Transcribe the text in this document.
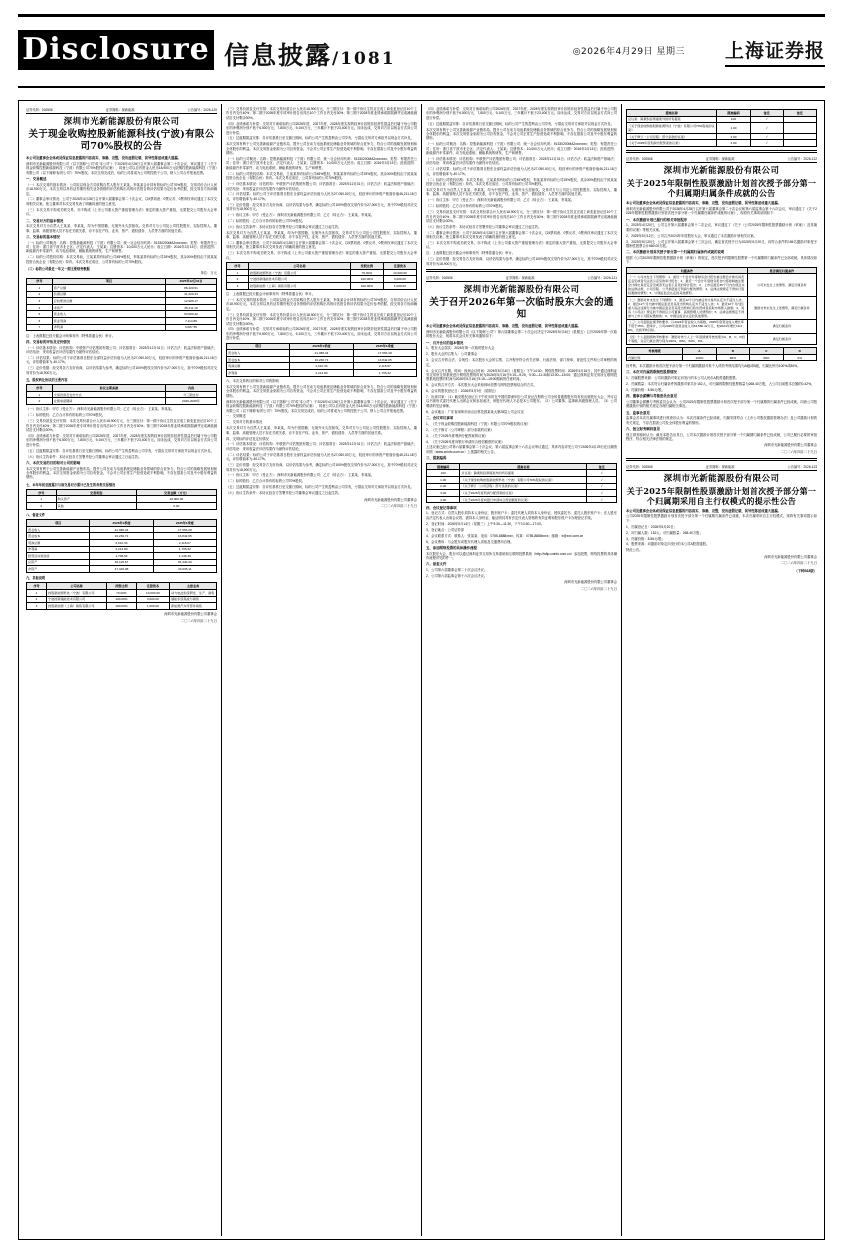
Disclosure 信息披露/1081	◎2026年4月29日 星期三 上海证券报
证券代码：002506	证券简称：深新能源	公告编号：2026-120
深圳市光新能源股份有限公司
关于现金收购控股新能源科技(宁波)有限公司70%股权的公告
本公司及董事会全体成员保证信息披露的内容真实、准确、完整，没有虚假记载、误导性陈述或重大遗漏。
深圳市光新能源股份有限公司（以下简称“公司”或“本公司”）于2026年4月28日召开第六届董事会第二十次会议，审议通过了《关于现金收购控股新能源科技（宁波）有限公司70%股权的议案》，同意公司以自有资金人民币18,900万元收购控股新能源科技（宁波）有限公司（以下简称“标的公司”）70%股权。本次交易完成后，标的公司将成为公司的控股子公司，纳入公司合并报表范围。
一、交易概述
（一）本次交易的基本情况：公司拟以现金方式收购自然人股东王某某、李某某合计持有的标的公司70%股权，交易对价合计人民币18,900万元。本次交易以具有证券期货相关业务资格的评估机构出具的评估报告的评估结果为定价参考依据，经交易各方协商确定。
（二）董事会审议情况：公司于2026年4月28日召开第六届董事会第二十次会议，以9票同意、0票反对、0票弃权审议通过了本次交易相关议案。独立董事对本次交易发表了明确同意的独立意见。
（三）本次交易不构成关联交易，亦不构成《上市公司重大资产重组管理办法》规定的重大资产重组，无需提交公司股东大会审议。
二、交易对方的基本情况
本次交易对方为自然人王某某、李某某，均为中国国籍，无境外永久居留权。交易对方与公司及公司控股股东、实际控制人、董事、监事、高级管理人员不存在关联关系，亦不存在产权、业务、资产、债权债务、人员等方面的其他关系。
三、交易标的基本情况
（一）标的公司概况：名称：控股新能源科技（宁波）有限公司；统一社会信用代码：91330200MA2xxxxxxx；类型：有限责任公司；住所：浙江省宁波市北仑区；法定代表人：王某某；注册资本：10,000万元人民币；成立日期：2016年3月15日；经营范围：新能源汽车零部件、动力电池系统、储能系统的研发、生产和销售。
（二）标的公司股权结构：本次交易前，王某某持有标的公司45%股权，李某某持有标的公司25%股权，其余30%股权由宁波某某投资合伙企业（有限合伙）持有。本次交易完成后，公司持有标的公司70%股权。
（三）标的公司最近一年又一期主要财务数据
单位：万元
序号	项目	2025年12月31日
1	资产总额	86,420.51
2	负债总额	41,209.33
3	应收账款总额	12,980.17
4	净资产	45,211.18
5	营业收入	63,580.42
6	营业利润	7,114.86
7	净利润	6,087.55
注：上表数据已经天健会计师事务所（特殊普通合伙）审计。
四、交易标的评估及定价情况
（一）评估基本情况：评估机构：中联资产评估集团有限公司；评估基准日：2025年12月31日；评估方法：收益法和资产基础法；评估结论：采用收益法评估结果作为最终评估结论。
（二）评估结果：标的公司于评估基准日股东全部权益评估价值为人民币27,050.00万元，较经审计的净资产账面价值45,211.18万元，评估增值率为-40.17%。
（三）定价依据：经交易各方友好协商，以评估结果为参考，确定标的公司100%股权交易作价为27,000万元，其中70%股权对应交易对价为18,900万元。
五、股权转让协议的主要内容
序号	协议主要条款	内容
1	交易价款及支付方式	分三期支付
2	业绩承诺期间	2026-2028年
（一）协议主体：甲方（受让方）：深圳市光新能源股份有限公司；乙方（转让方）：王某某、李某某。
（二）标的股权：乙方合计持有的标的公司70%股权。
（三）交易价款及支付安排：本次交易价款合计人民币18,900万元，分三期支付：第一期于协议生效且完成工商变更登记后10个工作日内支付40%；第二期于2026年度专项审计报告出具后10个工作日内支付30%；第三期于2028年度业绩承诺期届满并完成减值测试后支付剩余30%。
（四）业绩承诺与补偿：交易对方承诺标的公司2026年度、2027年度、2028年度实现的经审计扣除非经常性损益后归属于母公司股东的净利润分别不低于6,500万元、7,800万元、9,100万元，三年累计不低于23,400万元。如未达成，交易对方应以现金方式向公司进行补偿。
（五）过渡期损益安排：自评估基准日至交割日期间，标的公司产生的盈利由公司享有，亏损由交易对方承担并以现金方式补足。
（六）协议生效条件：本协议经各方签署并经公司董事会审议通过之日起生效。
六、本次交易的目的和对公司的影响
本次交易有利于公司完善新能源产业链布局，提升公司在动力电池系统及储能业务领域的综合竞争力，符合公司的战略发展规划和全体股东的利益。本次交易资金来源为公司自有资金，不会对公司正常生产经营造成不利影响，不存在损害公司及中小股东利益的情形。
七、本年年初至披露日与该交易对方累计已发生的各类交易情况
序号	交易类别	交易金额（万元）
1	购买资产	18,900.00
2	其他	0.00
八、备查文件
项目	2026年1季度	2025年1季度
营业收入	21,086.44	17,553.28
营业成本	16,230.71	13,842.05
利润总额	2,610.33	2,118.67
净利润	2,214.80	1,795.42
经营活动现金流	1,708.52	1,146.39
总资产	92,115.67	81,440.20
净资产	47,426.98	43,005.11
九、其他说明
序号	公司名称	持股比例	注册资本	主营业务
1	控股新能源科技（宁波）有限公司	70.00%	10,000.00	动力电池系统研发、生产、销售
2	宁波控新储能技术有限公司	100.00%	3,000.00	储能系统集成与销售
3	控股新能源（上海）销售有限公司	100.00%	1,000.00	新能源汽车零部件销售
深圳市光新能源股份有限公司董事会
二〇二六年四月二十九日
（三）交易价款及支付安排：本次交易价款合计人民币18,900万元，分三期支付：第一期于协议生效且完成工商变更登记后10个工作日内支付40%；第二期于2026年度专项审计报告出具后10个工作日内支付30%；第三期于2028年度业绩承诺期届满并完成减值测试后支付剩余30%。
（四）业绩承诺与补偿：交易对方承诺标的公司2026年度、2027年度、2028年度实现的经审计扣除非经常性损益后归属于母公司股东的净利润分别不低于6,500万元、7,800万元、9,100万元，三年累计不低于23,400万元。如未达成，交易对方应以现金方式向公司进行补偿。
（五）过渡期损益安排：自评估基准日至交割日期间，标的公司产生的盈利由公司享有，亏损由交易对方承担并以现金方式补足。
本次交易有利于公司完善新能源产业链布局，提升公司在动力电池系统及储能业务领域的综合竞争力，符合公司的战略发展规划和全体股东的利益。本次交易资金来源为公司自有资金，不会对公司正常生产经营造成不利影响，不存在损害公司及中小股东利益的情形。
（一）标的公司概况：名称：控股新能源科技（宁波）有限公司；统一社会信用代码：91330200MA2xxxxxxx；类型：有限责任公司；住所：浙江省宁波市北仑区；法定代表人：王某某；注册资本：10,000万元人民币；成立日期：2016年3月15日；经营范围：新能源汽车零部件、动力电池系统、储能系统的研发、生产和销售。
（二）标的公司股权结构：本次交易前，王某某持有标的公司45%股权，李某某持有标的公司25%股权，其余30%股权由宁波某某投资合伙企业（有限合伙）持有。本次交易完成后，公司持有标的公司70%股权。
（一）评估基本情况：评估机构：中联资产评估集团有限公司；评估基准日：2025年12月31日；评估方法：收益法和资产基础法；评估结论：采用收益法评估结果作为最终评估结论。
（二）评估结果：标的公司于评估基准日股东全部权益评估价值为人民币27,050.00万元，较经审计的净资产账面价值45,211.18万元，评估增值率为-40.17%。
（三）定价依据：经交易各方友好协商，以评估结果为参考，确定标的公司100%股权交易作价为27,000万元，其中70%股权对应交易对价为18,900万元。
（一）协议主体：甲方（受让方）：深圳市光新能源股份有限公司；乙方（转让方）：王某某、李某某。
（二）标的股权：乙方合计持有的标的公司70%股权。
（六）协议生效条件：本协议经各方签署并经公司董事会审议通过之日起生效。
本次交易对方为自然人王某某、李某某，均为中国国籍，无境外永久居留权。交易对方与公司及公司控股股东、实际控制人、董事、监事、高级管理人员不存在关联关系，亦不存在产权、业务、资产、债权债务、人员等方面的其他关系。
（二）董事会审议情况：公司于2026年4月28日召开第六届董事会第二十次会议，以9票同意、0票反对、0票弃权审议通过了本次交易相关议案。独立董事对本次交易发表了明确同意的独立意见。
（三）本次交易不构成关联交易，亦不构成《上市公司重大资产重组管理办法》规定的重大资产重组，无需提交公司股东大会审议。
序号	公司名称	持股比例	注册资本
1	控股新能源科技（宁波）有限公司	70.00%	10,000.00
2	宁波控新储能技术有限公司	100.00%	3,000.00
3	控股新能源（上海）销售有限公司	100.00%	1,000.00
注：上表数据已经天健会计师事务所（特殊普通合伙）审计。
（一）本次交易的基本情况：公司拟以现金方式收购自然人股东王某某、李某某合计持有的标的公司70%股权，交易对价合计人民币18,900万元。本次交易以具有证券期货相关业务资格的评估机构出具的评估报告的评估结果为定价参考依据，经交易各方协商确定。
（三）交易价款及支付安排：本次交易价款合计人民币18,900万元，分三期支付：第一期于协议生效且完成工商变更登记后10个工作日内支付40%；第二期于2026年度专项审计报告出具后10个工作日内支付30%；第三期于2028年度业绩承诺期届满并完成减值测试后支付剩余30%。
（四）业绩承诺与补偿：交易对方承诺标的公司2026年度、2027年度、2028年度实现的经审计扣除非经常性损益后归属于母公司股东的净利润分别不低于6,500万元、7,800万元、9,100万元，三年累计不低于23,400万元。如未达成，交易对方应以现金方式向公司进行补偿。
项目	2026年1季度	2025年1季度
营业收入	21,086.44	17,553.28
营业成本	16,230.71	13,842.05
利润总额	2,610.33	2,118.67
净利润	2,214.80	1,795.42
六、本次交易的目的和对公司的影响
本次交易有利于公司完善新能源产业链布局，提升公司在动力电池系统及储能业务领域的综合竞争力，符合公司的战略发展规划和全体股东的利益。本次交易资金来源为公司自有资金，不会对公司正常生产经营造成不利影响，不存在损害公司及中小股东利益的情形。
深圳市光新能源股份有限公司（以下简称“公司”或“本公司”）于2026年4月28日召开第六届董事会第二十次会议，审议通过了《关于现金收购控股新能源科技（宁波）有限公司70%股权的议案》，同意公司以自有资金人民币18,900万元收购控股新能源科技（宁波）有限公司（以下简称“标的公司”）70%股权。本次交易完成后，标的公司将成为公司的控股子公司，纳入公司合并报表范围。
一、交易概述
二、交易对方的基本情况
本次交易对方为自然人王某某、李某某，均为中国国籍，无境外永久居留权。交易对方与公司及公司控股股东、实际控制人、董事、监事、高级管理人员不存在关联关系，亦不存在产权、业务、资产、债权债务、人员等方面的其他关系。
四、交易标的评估及定价情况
（一）评估基本情况：评估机构：中联资产评估集团有限公司；评估基准日：2025年12月31日；评估方法：收益法和资产基础法；评估结论：采用收益法评估结果作为最终评估结论。
（二）评估结果：标的公司于评估基准日股东全部权益评估价值为人民币27,050.00万元，较经审计的净资产账面价值45,211.18万元，评估增值率为-40.17%。
（三）定价依据：经交易各方友好协商，以评估结果为参考，确定标的公司100%股权交易作价为27,000万元，其中70%股权对应交易对价为18,900万元。
（一）协议主体：甲方（受让方）：深圳市光新能源股份有限公司；乙方（转让方）：王某某、李某某。
（二）标的股权：乙方合计持有的标的公司70%股权。
（五）过渡期损益安排：自评估基准日至交割日期间，标的公司产生的盈利由公司享有，亏损由交易对方承担并以现金方式补足。
（六）协议生效条件：本协议经各方签署并经公司董事会审议通过之日起生效。
深圳市光新能源股份有限公司董事会
二〇二六年四月二十九日
（四）业绩承诺与补偿：交易对方承诺标的公司2026年度、2027年度、2028年度实现的经审计扣除非经常性损益后归属于母公司股东的净利润分别不低于6,500万元、7,800万元、9,100万元，三年累计不低于23,400万元。如未达成，交易对方应以现金方式向公司进行补偿。
（五）过渡期损益安排：自评估基准日至交割日期间，标的公司产生的盈利由公司享有，亏损由交易对方承担并以现金方式补足。
本次交易有利于公司完善新能源产业链布局，提升公司在动力电池系统及储能业务领域的综合竞争力，符合公司的战略发展规划和全体股东的利益。本次交易资金来源为公司自有资金，不会对公司正常生产经营造成不利影响，不存在损害公司及中小股东利益的情形。
（一）标的公司概况：名称：控股新能源科技（宁波）有限公司；统一社会信用代码：91330200MA2xxxxxxx；类型：有限责任公司；住所：浙江省宁波市北仑区；法定代表人：王某某；注册资本：10,000万元人民币；成立日期：2016年3月15日；经营范围：新能源汽车零部件、动力电池系统、储能系统的研发、生产和销售。
（一）评估基本情况：评估机构：中联资产评估集团有限公司；评估基准日：2025年12月31日；评估方法：收益法和资产基础法；评估结论：采用收益法评估结果作为最终评估结论。
（二）评估结果：标的公司于评估基准日股东全部权益评估价值为人民币27,050.00万元，较经审计的净资产账面价值45,211.18万元，评估增值率为-40.17%。
（二）标的公司股权结构：本次交易前，王某某持有标的公司45%股权，李某某持有标的公司25%股权，其余30%股权由宁波某某投资合伙企业（有限合伙）持有。本次交易完成后，公司持有标的公司70%股权。
本次交易对方为自然人王某某、李某某，均为中国国籍，无境外永久居留权。交易对方与公司及公司控股股东、实际控制人、董事、监事、高级管理人员不存在关联关系，亦不存在产权、业务、资产、债权债务、人员等方面的其他关系。
（一）协议主体：甲方（受让方）：深圳市光新能源股份有限公司；乙方（转让方）：王某某、李某某。
（二）标的股权：乙方合计持有的标的公司70%股权。
（三）交易价款及支付安排：本次交易价款合计人民币18,900万元，分三期支付：第一期于协议生效且完成工商变更登记后10个工作日内支付40%；第二期于2026年度专项审计报告出具后10个工作日内支付30%；第三期于2028年度业绩承诺期届满并完成减值测试后支付剩余30%。
（六）协议生效条件：本协议经各方签署并经公司董事会审议通过之日起生效。
（二）董事会审议情况：公司于2026年4月28日召开第六届董事会第二十次会议，以9票同意、0票反对、0票弃权审议通过了本次交易相关议案。独立董事对本次交易发表了明确同意的独立意见。
（三）本次交易不构成关联交易，亦不构成《上市公司重大资产重组管理办法》规定的重大资产重组，无需提交公司股东大会审议。
注：上表数据已经天健会计师事务所（特殊普通合伙）审计。
（三）定价依据：经交易各方友好协商，以评估结果为参考，确定标的公司100%股权交易作价为27,000万元，其中70%股权对应交易对价为18,900万元。
证券代码：002506	证券简称：深新能源	公告编号：2026-121
深圳市光新能源股份有限公司
关于召开2026年第一次临时股东大会的通知
本公司及董事会全体成员保证信息披露的内容真实、准确、完整，没有虚假记载、误导性陈述或重大遗漏。
深圳市光新能源股份有限公司（以下简称“公司”）第六届董事会第二十次会议决定于2026年5月16日（星期五）召开2026年第一次临时股东大会，现将本次会议有关事项通知如下：
一、召开会议的基本情况
1、股东大会届次：2026年第一次临时股东大会
2、股东大会的召集人：公司董事会
3、会议召开的合法、合规性：本次股东大会的召集、召开程序符合有关法律、行政法规、部门规章、规范性文件和公司章程的规定。
4、会议召开日期、时间：现场会议时间：2026年5月16日（星期五）下午14:30；网络投票时间：2026年5月16日，其中通过深圳证券交易所交易系统进行网络投票的时间为2026年5月16日9:15—9:25，9:30—11:30和13:00—15:00；通过深圳证券交易所互联网投票系统投票的时间为2026年5月16日9:15—15:00期间的任意时间。
5、会议的召开方式：本次股东大会采取现场投票与网络投票相结合的方式。
6、会议的股权登记日：2026年5月9日（星期五）
7、出席对象：（1）截至股权登记日下午收市时在中国结算深圳分公司登记在册的公司全体普通股股东均有权出席股东大会，并可以以书面形式委托代理人出席会议和参加表决，该股东代理人不必是本公司股东。（2）公司董事、监事和高级管理人员。（3）公司聘请的见证律师。
8、会议地点：广东省深圳市南山区科技园某某大厦28层公司会议室
二、会议审议事项
1、《关于现金收购控股新能源科技（宁波）有限公司70%股权的议案》
2、《关于修订〈公司章程〉部分条款的议案》
3、《关于2025年度利润分配预案的议案》
4、《关于2026年度向银行申请综合授信额度的议案》
上述议案已经公司第六届董事会第二十次会议、第六届监事会第十六次会议审议通过，具体内容详见公司于2026年4月29日在巨潮资讯网（www.cninfo.com.cn）上披露的相关公告。
三、提案编码
提案编码	提案名称	备注
100	总议案：除累积投票提案外的所有提案	√
1.00	《关于现金收购控股新能源科技（宁波）有限公司70%股权的议案》	√
2.00	《关于修订〈公司章程〉部分条款的议案》	√
3.00	《关于2025年度利润分配预案的议案》	√
4.00	《关于2026年度向银行申请综合授信额度的议案》	√
四、会议登记等事项
1、登记方式：自然人股东须持本人身份证、股东账户卡；委托代理人须持本人身份证、授权委托书、委托人股东账户卡；法人股东由法定代表人出席会议的，需持本人身份证、能证明其具有法定代表人资格的有效证明和股东账户卡办理登记手续。
2、登记时间：2026年5月14日（星期三）上午9:30—11:30，下午13:30—17:00。
3、登记地点：公司证券部
4、会议联系方式：联系人：张某某；电话：0755-8888xxxx；传真：0755-8888xxxx；邮箱：ir@xxx.com.cn
5、会议费用：与会股东或股东代理人食宿及交通费用自理。
五、参加网络投票的具体操作流程
本次股东大会，股东可以通过深圳证券交易所交易系统和互联网投票系统（http://wltp.cninfo.com.cn）参加投票，网络投票的具体操作流程详见附件一。
六、备查文件
1、公司第六届董事会第二十次会议决议；
2、公司第六届监事会第十六次会议决议。
深圳市光新能源股份有限公司董事会
二〇二六年四月二十九日
提案名称	提案编码	备注	备注
总议案：除累积投票提案外的所有提案	100	√	
《关于现金收购控股新能源科技（宁波）有限公司70%股权的议案》	1.00	√	
《关于修订〈公司章程〉部分条款的议案》	2.00	√	
《关于2025年度利润分配预案的议案》	3.00	√	
证券代码：002506	证券简称：深新能源	公告编号：2026-122
深圳市光新能源股份有限公司
关于2025年限制性股票激励计划首次授予部分第一个归属期归属条件成就的公告
本公司及董事会全体成员保证信息披露的内容真实、准确、完整，没有虚假记载、误导性陈述或重大遗漏。
深圳市光新能源股份有限公司于2026年4月28日召开第六届董事会第二十次会议和第六届监事会第十六次会议，审议通过了《关于2025年限制性股票激励计划首次授予部分第一个归属期归属条件成就的议案》，现将有关事项说明如下：
一、本次激励计划已履行的相关审批程序
1、2025年4月20日，公司召开第六届董事会第十二次会议，审议通过了《关于〈公司2025年限制性股票激励计划（草案）〉及其摘要的议案》等相关议案。
2、2025年5月12日，公司召开2024年年度股东大会，审议通过了本次激励计划相关议案。
3、2025年5月20日，公司召开第六届董事会第十三次会议，确定首次授予日为2025年5月20日，向符合条件的156名激励对象授予限制性股票合计680.00万股。
二、本次激励计划首次授予部分第一个归属期归属条件成就的说明
根据《公司2025年限制性股票激励计划（草案）》的规定，首次授予的限制性股票第一个归属期的归属条件已全部成就，具体情况如下：
归属条件	是否满足归属条件
（一）公司未发生下列情形：1、最近一个会计年度财务会计报告被注册会计师出具否定意见或者无法表示意见的审计报告；2、最近一个会计年度财务报告内部控制被注册会计师出具否定意见或者无法表示意见的审计报告；3、上市后最近36个月内出现过未按法律法规、公司章程、公开承诺进行利润分配的情形；4、法律法规规定不得实行股权激励的情形；5、中国证监会认定的其他情形。	公司未发生上述情形，满足归属条件
（二）激励对象未发生下列情形：1、最近12个月内被证券交易所认定为不适当人选；2、最近12个月内被中国证监会及其派出机构认定为不适当人选；3、最近12个月内因重大违法违规行为被中国证监会及其派出机构行政处罚或者采取市场禁入措施；4、具有《公司法》规定的不得担任公司董事、高级管理人员情形的；5、法律法规规定不得参与上市公司股权激励的；6、中国证监会认定的其他情形。	激励对象未发生上述情形，满足归属条件
（三）公司层面业绩考核要求：以2024年营业收入为基数，2025年度营业收入增长率不低于15%。经审计，公司2025年度营业收入为63,580.42万元，较2024年增长19.36%，达到考核目标。	满足归属条件
（四）个人层面绩效考核要求：激励对象个人上一年度绩效考核结果为A、B、C、D四个等级，对应归属比例分别为100%、80%、60%、0%。	满足归属条件
考核等级	A	B	C	D
归属比例	100%	80%	60%	0%
经考核，本次激励计划首次授予部分第一个归属期激励对象个人绩效考核结果均为A级或B级，归属比例为100%或80%。
三、本次可归属的限制性股票情况
1、归属股票来源：公司向激励对象定向发行的本公司人民币A股普通股股票。
2、归属数量：本次符合归属条件的激励对象共计152人，可归属的限制性股票数量为268.40万股，占公司目前股本总额的0.42%。
3、归属价格：8.56元/股。
四、董事会薪酬与考核委员会意见
公司董事会薪酬与考核委员会认为：公司2025年限制性股票激励计划首次授予部分第一个归属期的归属条件已经成就，同意公司按照激励计划的相关规定办理归属相关事宜。
五、监事会意见
监事会对本次归属事项进行核查后认为：本次归属条件已经成就，归属安排符合《上市公司股权激励管理办法》及公司激励计划的有关规定，不存在损害公司及全体股东利益的情形。
六、独立财务顾问意见
独立财务顾问认为：截至本报告出具日，公司本次激励计划首次授予部分第一个归属期归属条件已经成就，公司已履行必要的审批程序，符合相关法律法规的规定。
深圳市光新能源股份有限公司董事会
二〇二六年四月二十九日
证券代码：002506	证券简称：深新能源	公告编号：2026-123
深圳市光新能源股份有限公司
关于2025年限制性股票激励计划首次授予部分第一个归属期采用自主行权模式的提示性公告
本公司及董事会全体成员保证信息披露的内容真实、准确、完整，没有虚假记载、误导性陈述或重大遗漏。
公司2025年限制性股票激励计划首次授予部分第一个归属期归属条件已成就，本次归属采用自主行权模式，现将有关事项提示如下：
1、归属登记日：2026年5月20日；
2、可归属人数：152人；可归属数量：268.40万股；
3、归属价格：8.56元/股；
4、股票来源：向激励对象定向发行的本公司A股普通股。
特此公告。
深圳市光新能源股份有限公司董事会
二〇二六年四月二十九日
（下转B18版）
